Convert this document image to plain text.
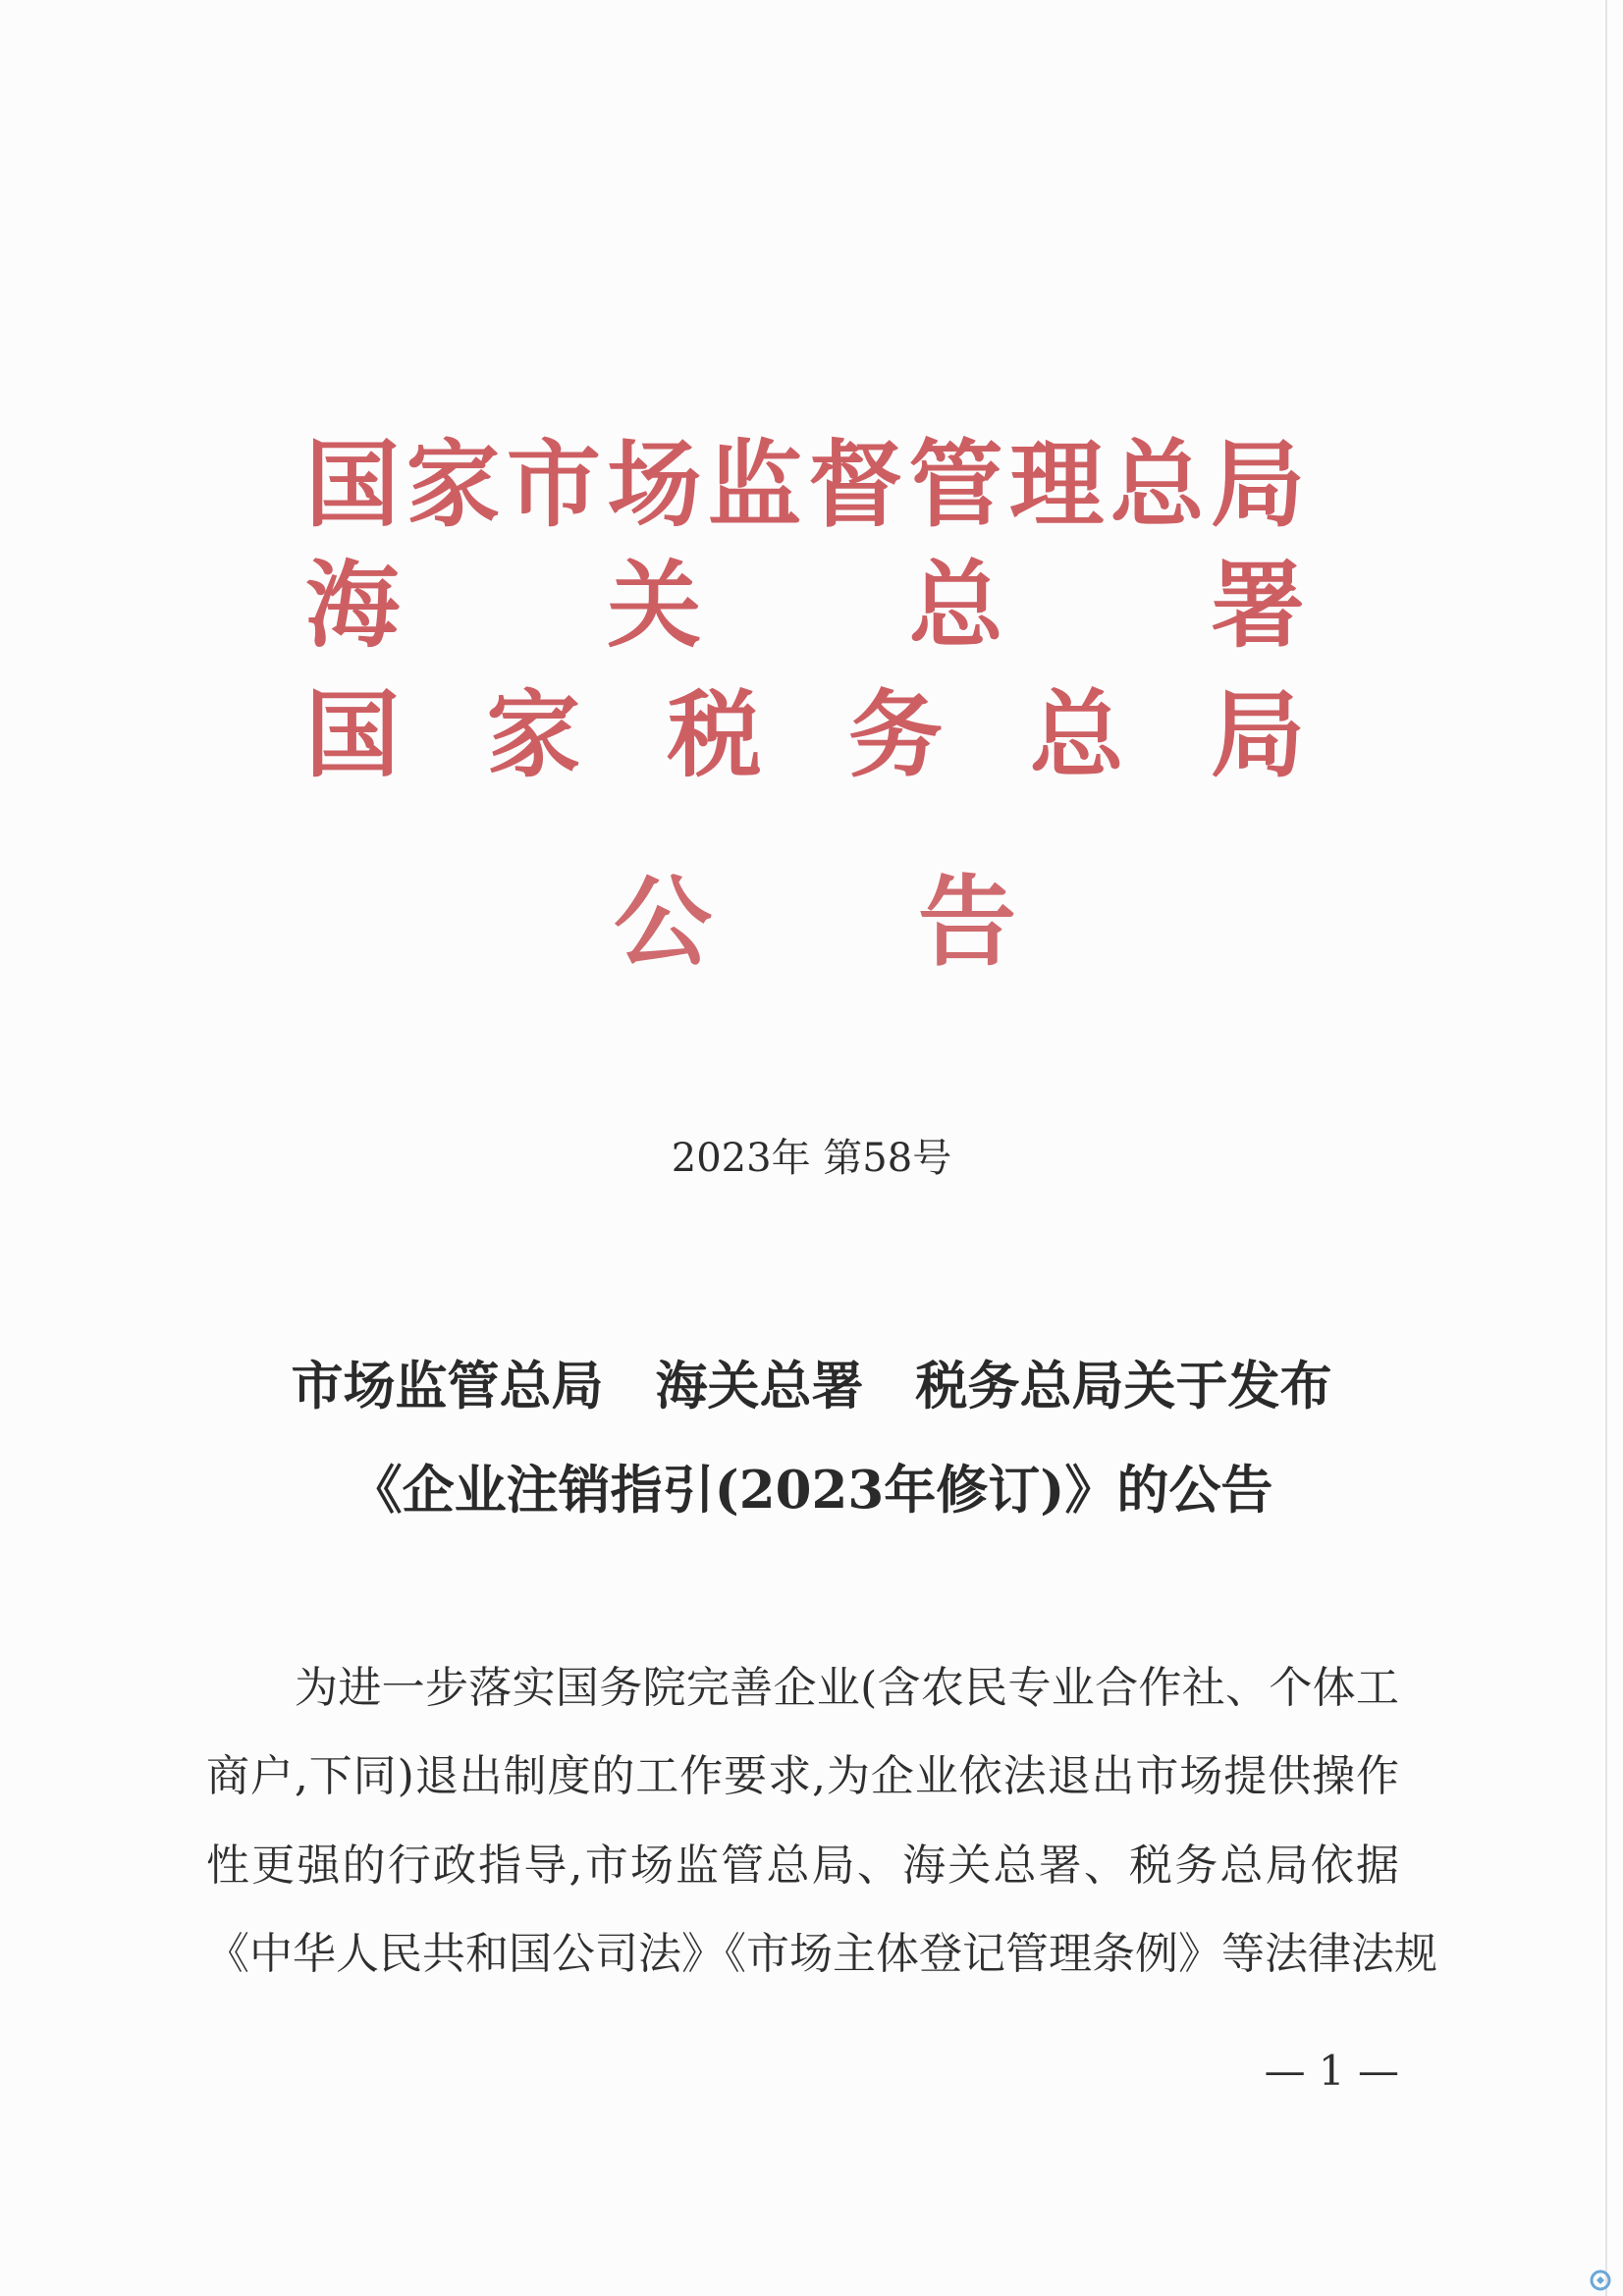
国 家 市 场 监 督 管 理 总 局
海 关 总 署
国 家 税 务 总 局
公 告
2023年 第58号
市场监管总局　海关总署　税务总局关于发布
《企业注销指引(2023年修订)》的公告

为进一步落实国务院完善企业(含农民专业合作社、个体工

商户,下同)退出制度的工作要求,为企业依法退出市场提供操作

性更强的行政指导,市场监管总局、海关总署、税务总局依据

《中华人民共和国公司法》《市场主体登记管理条例》等法律法规

— 1 —
